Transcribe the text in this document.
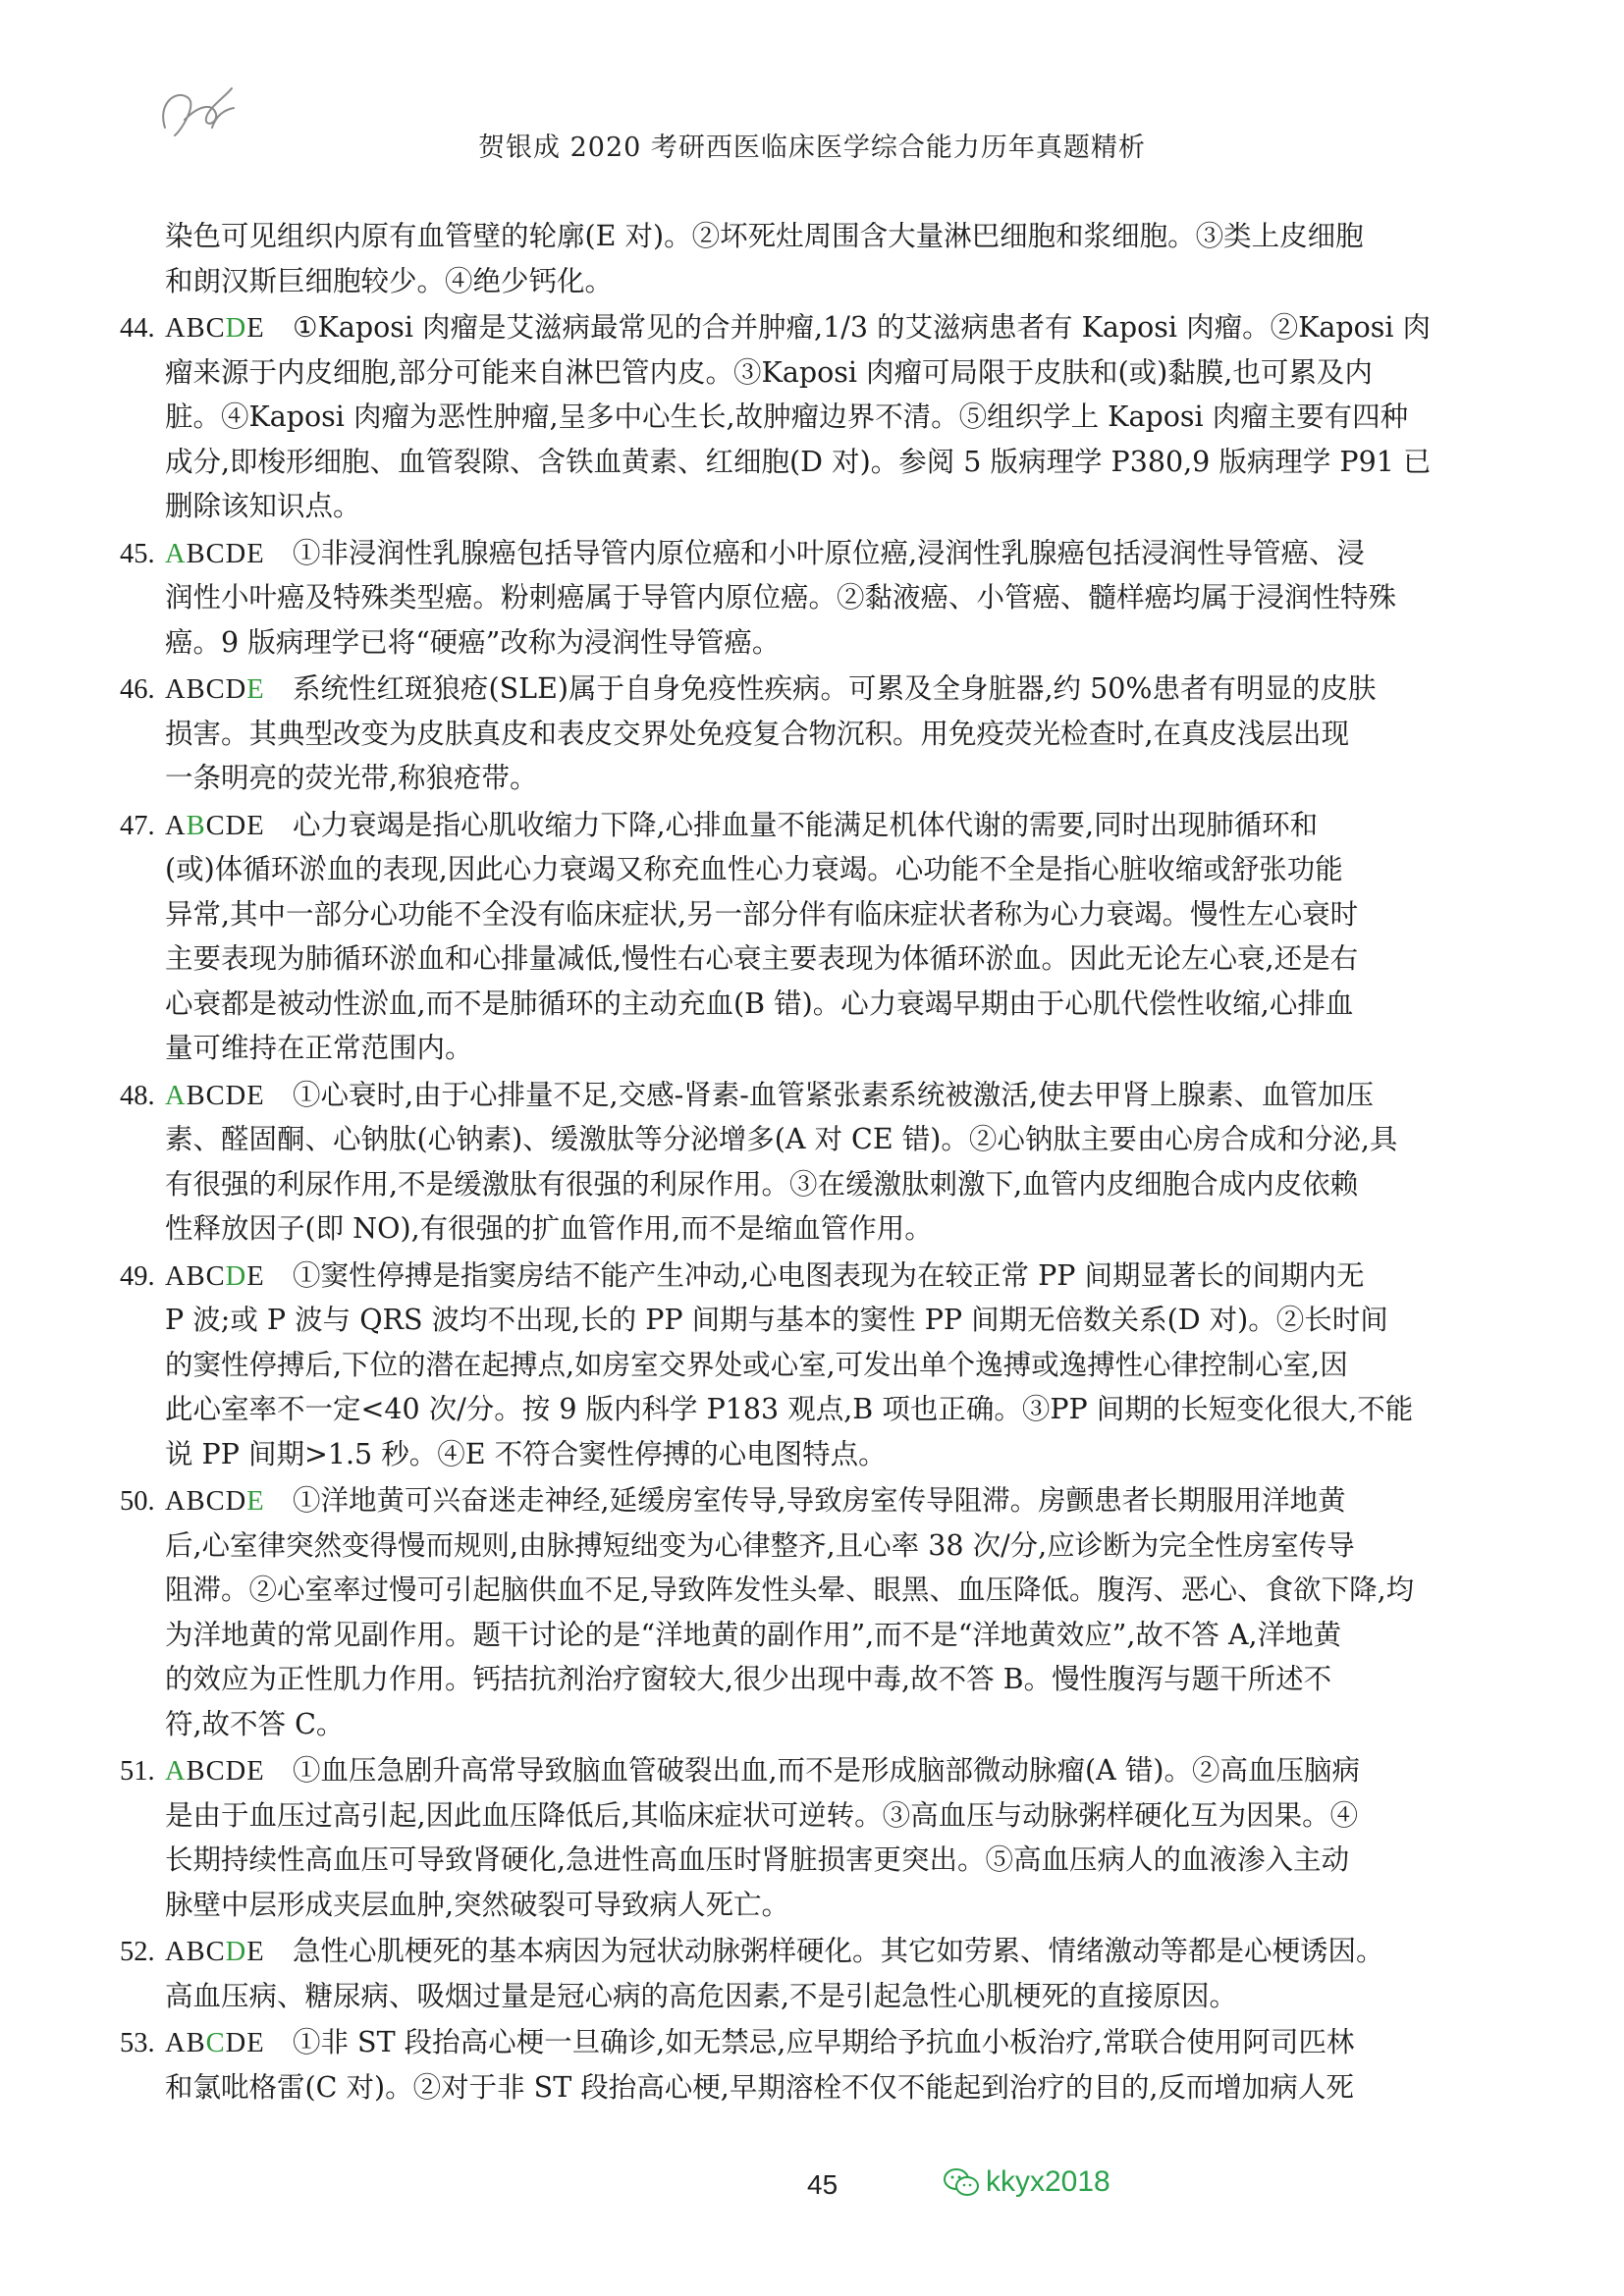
贺银成 2020 考研西医临床医学综合能力历年真题精析
染色可见组织内原有血管壁的轮廓(E 对)。②坏死灶周围含大量淋巴细胞和浆细胞。③类上皮细胞
和朗汉斯巨细胞较少。④绝少钙化。
44. ABCDE ①Kaposi 肉瘤是艾滋病最常见的合并肿瘤,1/3 的艾滋病患者有 Kaposi 肉瘤。②Kaposi 肉
瘤来源于内皮细胞,部分可能来自淋巴管内皮。③Kaposi 肉瘤可局限于皮肤和(或)黏膜,也可累及内
脏。④Kaposi 肉瘤为恶性肿瘤,呈多中心生长,故肿瘤边界不清。⑤组织学上 Kaposi 肉瘤主要有四种
成分,即梭形细胞、血管裂隙、含铁血黄素、红细胞(D 对)。参阅 5 版病理学 P380,9 版病理学 P91 已
删除该知识点。
45. ABCDE ①非浸润性乳腺癌包括导管内原位癌和小叶原位癌,浸润性乳腺癌包括浸润性导管癌、浸
润性小叶癌及特殊类型癌。粉刺癌属于导管内原位癌。②黏液癌、小管癌、髓样癌均属于浸润性特殊
癌。9 版病理学已将“硬癌”改称为浸润性导管癌。
46. ABCDE 系统性红斑狼疮(SLE)属于自身免疫性疾病。可累及全身脏器,约 50%患者有明显的皮肤
损害。其典型改变为皮肤真皮和表皮交界处免疫复合物沉积。用免疫荧光检查时,在真皮浅层出现
一条明亮的荧光带,称狼疮带。
47. ABCDE 心力衰竭是指心肌收缩力下降,心排血量不能满足机体代谢的需要,同时出现肺循环和
(或)体循环淤血的表现,因此心力衰竭又称充血性心力衰竭。心功能不全是指心脏收缩或舒张功能
异常,其中一部分心功能不全没有临床症状,另一部分伴有临床症状者称为心力衰竭。慢性左心衰时
主要表现为肺循环淤血和心排量减低,慢性右心衰主要表现为体循环淤血。因此无论左心衰,还是右
心衰都是被动性淤血,而不是肺循环的主动充血(B 错)。心力衰竭早期由于心肌代偿性收缩,心排血
量可维持在正常范围内。
48. ABCDE ①心衰时,由于心排量不足,交感-肾素-血管紧张素系统被激活,使去甲肾上腺素、血管加压
素、醛固酮、心钠肽(心钠素)、缓激肽等分泌增多(A 对 CE 错)。②心钠肽主要由心房合成和分泌,具
有很强的利尿作用,不是缓激肽有很强的利尿作用。③在缓激肽刺激下,血管内皮细胞合成内皮依赖
性释放因子(即 NO),有很强的扩血管作用,而不是缩血管作用。
49. ABCDE ①窦性停搏是指窦房结不能产生冲动,心电图表现为在较正常 PP 间期显著长的间期内无
P 波;或 P 波与 QRS 波均不出现,长的 PP 间期与基本的窦性 PP 间期无倍数关系(D 对)。②长时间
的窦性停搏后,下位的潜在起搏点,如房室交界处或心室,可发出单个逸搏或逸搏性心律控制心室,因
此心室率不一定<40 次/分。按 9 版内科学 P183 观点,B 项也正确。③PP 间期的长短变化很大,不能
说 PP 间期>1.5 秒。④E 不符合窦性停搏的心电图特点。
50. ABCDE ①洋地黄可兴奋迷走神经,延缓房室传导,导致房室传导阻滞。房颤患者长期服用洋地黄
后,心室律突然变得慢而规则,由脉搏短绌变为心律整齐,且心率 38 次/分,应诊断为完全性房室传导
阻滞。②心室率过慢可引起脑供血不足,导致阵发性头晕、眼黑、血压降低。腹泻、恶心、食欲下降,均
为洋地黄的常见副作用。题干讨论的是“洋地黄的副作用”,而不是“洋地黄效应”,故不答 A,洋地黄
的效应为正性肌力作用。钙拮抗剂治疗窗较大,很少出现中毒,故不答 B。慢性腹泻与题干所述不
符,故不答 C。
51. ABCDE ①血压急剧升高常导致脑血管破裂出血,而不是形成脑部微动脉瘤(A 错)。②高血压脑病
是由于血压过高引起,因此血压降低后,其临床症状可逆转。③高血压与动脉粥样硬化互为因果。④
长期持续性高血压可导致肾硬化,急进性高血压时肾脏损害更突出。⑤高血压病人的血液渗入主动
脉壁中层形成夹层血肿,突然破裂可导致病人死亡。
52. ABCDE 急性心肌梗死的基本病因为冠状动脉粥样硬化。其它如劳累、情绪激动等都是心梗诱因。
高血压病、糖尿病、吸烟过量是冠心病的高危因素,不是引起急性心肌梗死的直接原因。
53. ABCDE ①非 ST 段抬高心梗一旦确诊,如无禁忌,应早期给予抗血小板治疗,常联合使用阿司匹林
和氯吡格雷(C 对)。②对于非 ST 段抬高心梗,早期溶栓不仅不能起到治疗的目的,反而增加病人死
45	kkyx2018
